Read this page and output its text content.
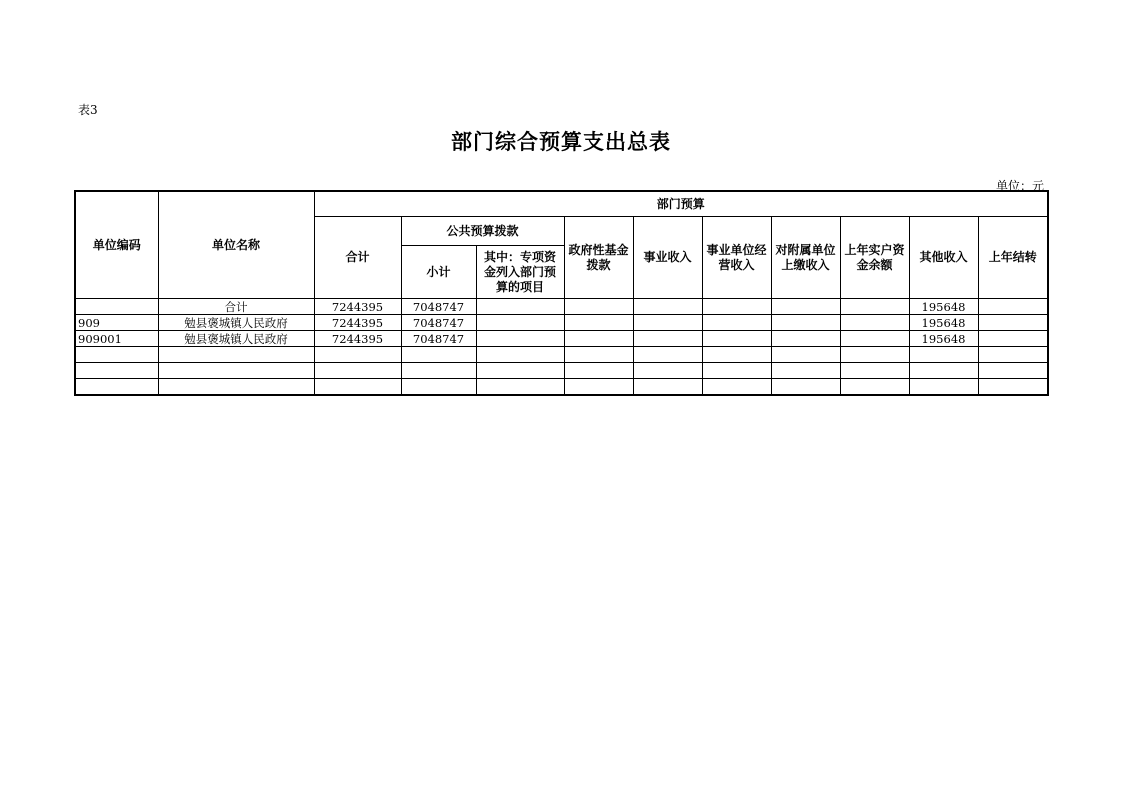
表3
部门综合预算支出总表
单位：元
单位编码	单位名称	部门预算									
		合计	公共预算拨款		政府性基金拨款	事业收入	事业单位经营收入	对附属单位上缴收入	上年实户资金余额	其他收入	上年结转
			小计	其中：专项资金列入部门预算的项目							
	合计	7244395	7048747							195648	
909	勉县褒城镇人民政府	7244395	7048747							195648	
909001	勉县褒城镇人民政府	7244395	7048747							195648	
